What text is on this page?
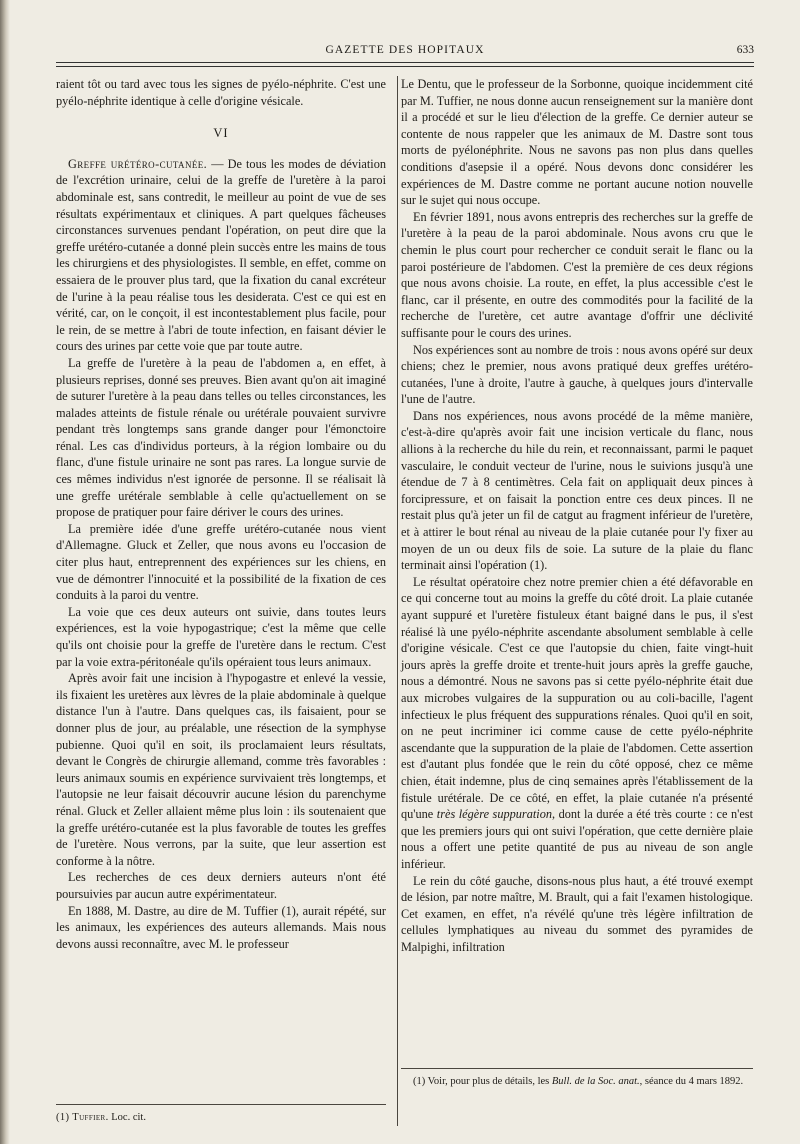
GAZETTE DES HOPITAUX	633

raient tôt ou tard avec tous les signes de pyélo-néphrite. C'est une pyélo-néphrite identique à celle d'origine vésicale.

VI

Greffe urétéro-cutanée. — De tous les modes de déviation de l'excrétion urinaire, celui de la greffe de l'uretère à la paroi abdominale est, sans contredit, le meilleur au point de vue de ses résultats expérimentaux et cliniques. A part quelques fâcheuses circonstances survenues pendant l'opération, on peut dire que la greffe urétéro-cutanée a donné plein succès entre les mains de tous les chirurgiens et des physiologistes. Il semble, en effet, comme on essaiera de le prouver plus tard, que la fixation du canal excréteur de l'urine à la peau réalise tous les desiderata. C'est ce qui est en vérité, car, on le conçoit, il est incontestablement plus facile, pour le rein, de se mettre à l'abri de toute infection, en faisant dévier le cours des urines par cette voie que par toute autre.

La greffe de l'uretère à la peau de l'abdomen a, en effet, à plusieurs reprises, donné ses preuves. Bien avant qu'on ait imaginé de suturer l'uretère à la peau dans telles ou telles circonstances, les malades atteints de fistule rénale ou urétérale pouvaient survivre pendant très longtemps sans grande danger pour l'émonctoire rénal. Les cas d'individus porteurs, à la région lombaire ou du flanc, d'une fistule urinaire ne sont pas rares. La longue survie de ces mêmes individus n'est ignorée de personne. Il se réalisait là une greffe urétérale semblable à celle qu'actuellement on se propose de pratiquer pour faire dériver le cours des urines.

La première idée d'une greffe urétéro-cutanée nous vient d'Allemagne. Gluck et Zeller, que nous avons eu l'occasion de citer plus haut, entreprennent des expériences sur les chiens, en vue de démontrer l'innocuité et la possibilité de la fixation de ces conduits à la paroi du ventre.

La voie que ces deux auteurs ont suivie, dans toutes leurs expériences, est la voie hypogastrique; c'est la même que celle qu'ils ont choisie pour la greffe de l'uretère dans le rectum. C'est par la voie extra-péritonéale qu'ils opéraient tous leurs animaux.

Après avoir fait une incision à l'hypogastre et enlevé la vessie, ils fixaient les uretères aux lèvres de la plaie abdominale à quelque distance l'un à l'autre. Dans quelques cas, ils faisaient, pour se donner plus de jour, au préalable, une résection de la symphyse pubienne. Quoi qu'il en soit, ils proclamaient leurs résultats, devant le Congrès de chirurgie allemand, comme très favorables : leurs animaux soumis en expérience survivaient très longtemps, et l'autopsie ne leur faisait découvrir aucune lésion du parenchyme rénal. Gluck et Zeller allaient même plus loin : ils soutenaient que la greffe urétéro-cutanée est la plus favorable de toutes les greffes de l'uretère. Nous verrons, par la suite, que leur assertion est conforme à la nôtre.

Les recherches de ces deux derniers auteurs n'ont été poursuivies par aucun autre expérimentateur.

En 1888, M. Dastre, au dire de M. Tuffier (1), aurait répété, sur les animaux, les expériences des auteurs allemands. Mais nous devons aussi reconnaître, avec M. le professeur

(1) Tuffier. Loc. cit.

Le Dentu, que le professeur de la Sorbonne, quoique incidemment cité par M. Tuffier, ne nous donne aucun renseignement sur la manière dont il a procédé et sur le lieu d'élection de la greffe. Ce dernier auteur se contente de nous rappeler que les animaux de M. Dastre sont tous morts de pyélonéphrite. Nous ne savons pas non plus dans quelles conditions d'asepsie il a opéré. Nous devons donc considérer les expériences de M. Dastre comme ne portant aucune notion nouvelle sur le sujet qui nous occupe.

En février 1891, nous avons entrepris des recherches sur la greffe de l'uretère à la peau de la paroi abdominale. Nous avons cru que le chemin le plus court pour rechercher ce conduit serait le flanc ou la paroi postérieure de l'abdomen. C'est la première de ces deux régions que nous avons choisie. La route, en effet, la plus accessible c'est le flanc, car il présente, en outre des commodités pour la facilité de la recherche de l'uretère, cet autre avantage d'offrir une déclivité suffisante pour le cours des urines.

Nos expériences sont au nombre de trois : nous avons opéré sur deux chiens; chez le premier, nous avons pratiqué deux greffes urétéro-cutanées, l'une à droite, l'autre à gauche, à quelques jours d'intervalle l'une de l'autre.

Dans nos expériences, nous avons procédé de la même manière, c'est-à-dire qu'après avoir fait une incision verticale du flanc, nous allions à la recherche du hile du rein, et reconnaissant, parmi le paquet vasculaire, le conduit vecteur de l'urine, nous le suivions jusqu'à une étendue de 7 à 8 centimètres. Cela fait on appliquait deux pinces à forcipressure, et on faisait la ponction entre ces deux pinces. Il ne restait plus qu'à jeter un fil de catgut au fragment inférieur de l'uretère, et à attirer le bout rénal au niveau de la plaie cutanée pour l'y fixer au moyen de un ou deux fils de soie. La suture de la plaie du flanc terminait ainsi l'opération (1).

Le résultat opératoire chez notre premier chien a été défavorable en ce qui concerne tout au moins la greffe du côté droit. La plaie cutanée ayant suppuré et l'uretère fistuleux étant baigné dans le pus, il s'est réalisé là une pyélo-néphrite ascendante absolument semblable à celle d'origine vésicale. C'est ce que l'autopsie du chien, faite vingt-huit jours après la greffe droite et trente-huit jours après la greffe gauche, nous a démontré. Nous ne savons pas si cette pyélo-néphrite était due aux microbes vulgaires de la suppuration ou au coli-bacille, l'agent infectieux le plus fréquent des suppurations rénales. Quoi qu'il en soit, on ne peut incriminer ici comme cause de cette pyélo-néphrite ascendante que la suppuration de la plaie de l'abdomen. Cette assertion est d'autant plus fondée que le rein du côté opposé, chez ce même chien, était indemne, plus de cinq semaines après l'établissement de la fistule urétérale. De ce côté, en effet, la plaie cutanée n'a présenté qu'une très légère suppuration, dont la durée a été très courte : ce n'est que les premiers jours qui ont suivi l'opération, que cette dernière plaie nous a offert une petite quantité de pus au niveau de son angle inférieur.

Le rein du côté gauche, disons-nous plus haut, a été trouvé exempt de lésion, par notre maître, M. Brault, qui a fait l'examen histologique. Cet examen, en effet, n'a révélé qu'une très légère infiltration de cellules lymphatiques au niveau du sommet des pyramides de Malpighi, infiltration

(1) Voir, pour plus de détails, les Bull. de la Soc. anat., séance du 4 mars 1892.
